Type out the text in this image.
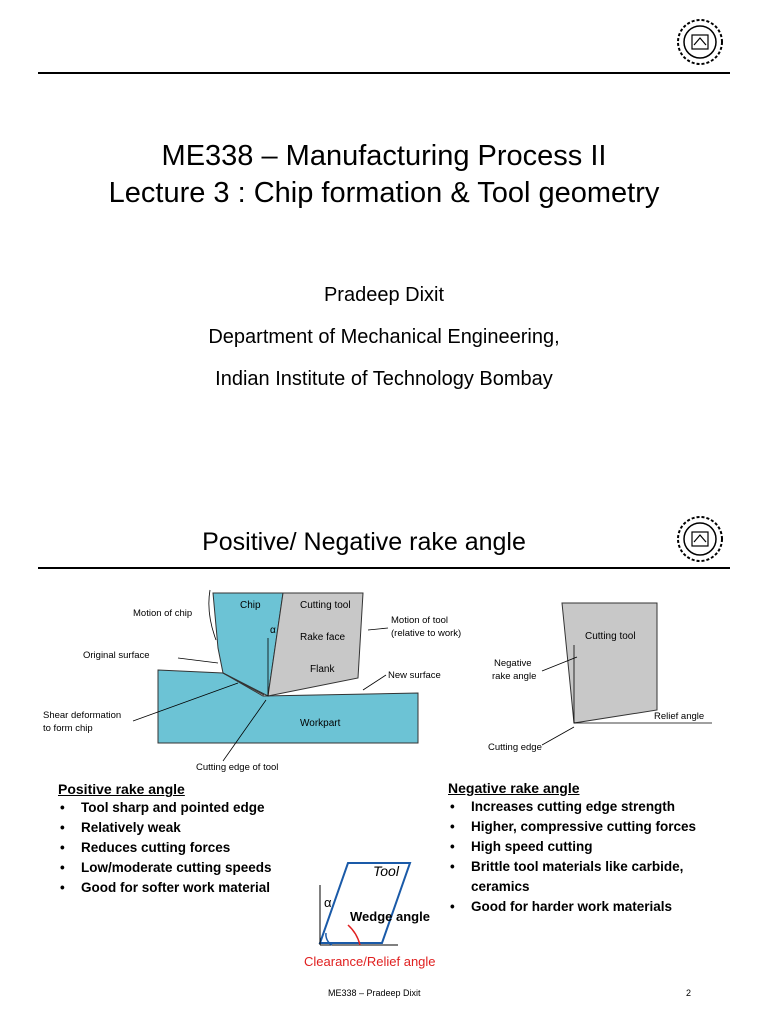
ME338 – Manufacturing Process II
Lecture 3 : Chip formation & Tool geometry
Pradeep Dixit
Department of Mechanical Engineering,
Indian Institute of Technology Bombay
Positive/ Negative rake angle
Chip	Cutting tool
Motion of chip
Motion of tool
(relative to work)
Rake face
α
Original surface
Flank
New surface
Shear deformation
to form chip	Workpart
Cutting edge of tool
Cutting tool
Negative
rake angle
Relief angle
Cutting edge
Positive rake angle
• Tool sharp and pointed edge
• Relatively weak
• Reduces cutting forces
• Low/moderate cutting speeds
• Good for softer work material
Negative rake angle
• Increases cutting edge strength
• Higher, compressive cutting forces
• High speed cutting
• Brittle tool materials like carbide, ceramics
• Good for harder work materials
Tool
α
Wedge angle
Clearance/Relief angle
ME338 – Pradeep Dixit	2
